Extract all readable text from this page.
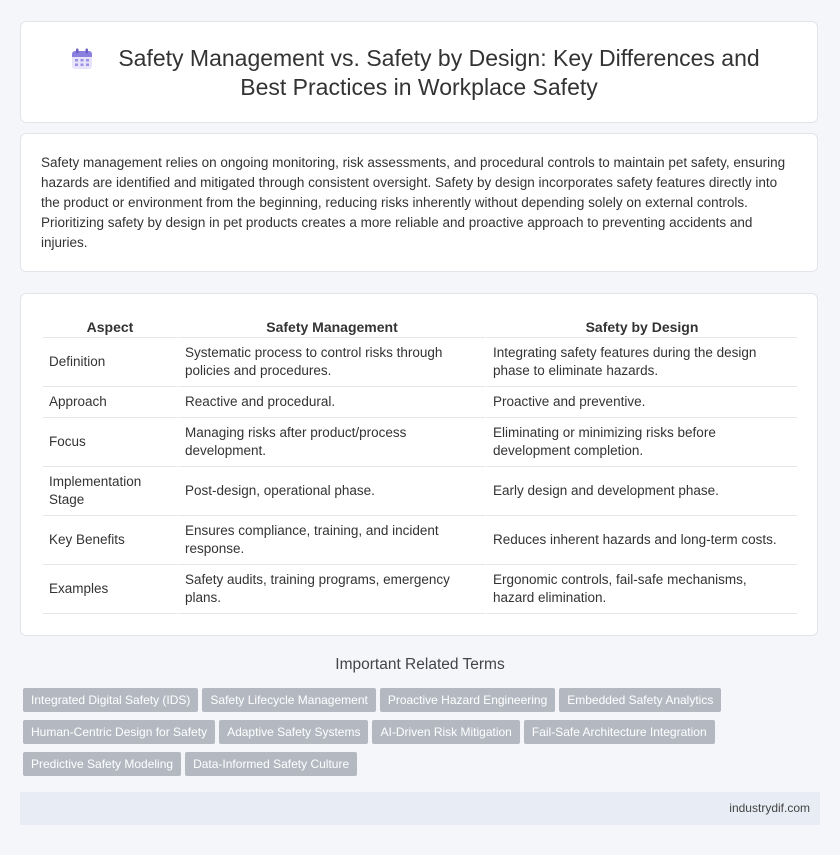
Safety Management vs. Safety by Design: Key Differences and
Best Practices in Workplace Safety

Safety management relies on ongoing monitoring, risk assessments, and procedural controls to maintain pet safety, ensuring hazards are identified and mitigated through consistent oversight. Safety by design incorporates safety features directly into the product or environment from the beginning, reducing risks inherently without depending solely on external controls. Prioritizing safety by design in pet products creates a more reliable and proactive approach to preventing accidents and injuries.

Aspect	Safety Management	Safety by Design
Definition	Systematic process to control risks through policies and procedures.	Integrating safety features during the design phase to eliminate hazards.
Approach	Reactive and procedural.	Proactive and preventive.
Focus	Managing risks after product/process development.	Eliminating or minimizing risks before development completion.
Implementation Stage	Post-design, operational phase.	Early design and development phase.
Key Benefits	Ensures compliance, training, and incident response.	Reduces inherent hazards and long-term costs.
Examples	Safety audits, training programs, emergency plans.	Ergonomic controls, fail-safe mechanisms, hazard elimination.
Important Related Terms
Integrated Digital Safety (IDS) Safety Lifecycle Management Proactive Hazard Engineering Embedded Safety Analytics
Human-Centric Design for Safety Adaptive Safety Systems AI-Driven Risk Mitigation Fail-Safe Architecture Integration
Predictive Safety Modeling Data-Informed Safety Culture
industrydif.com
